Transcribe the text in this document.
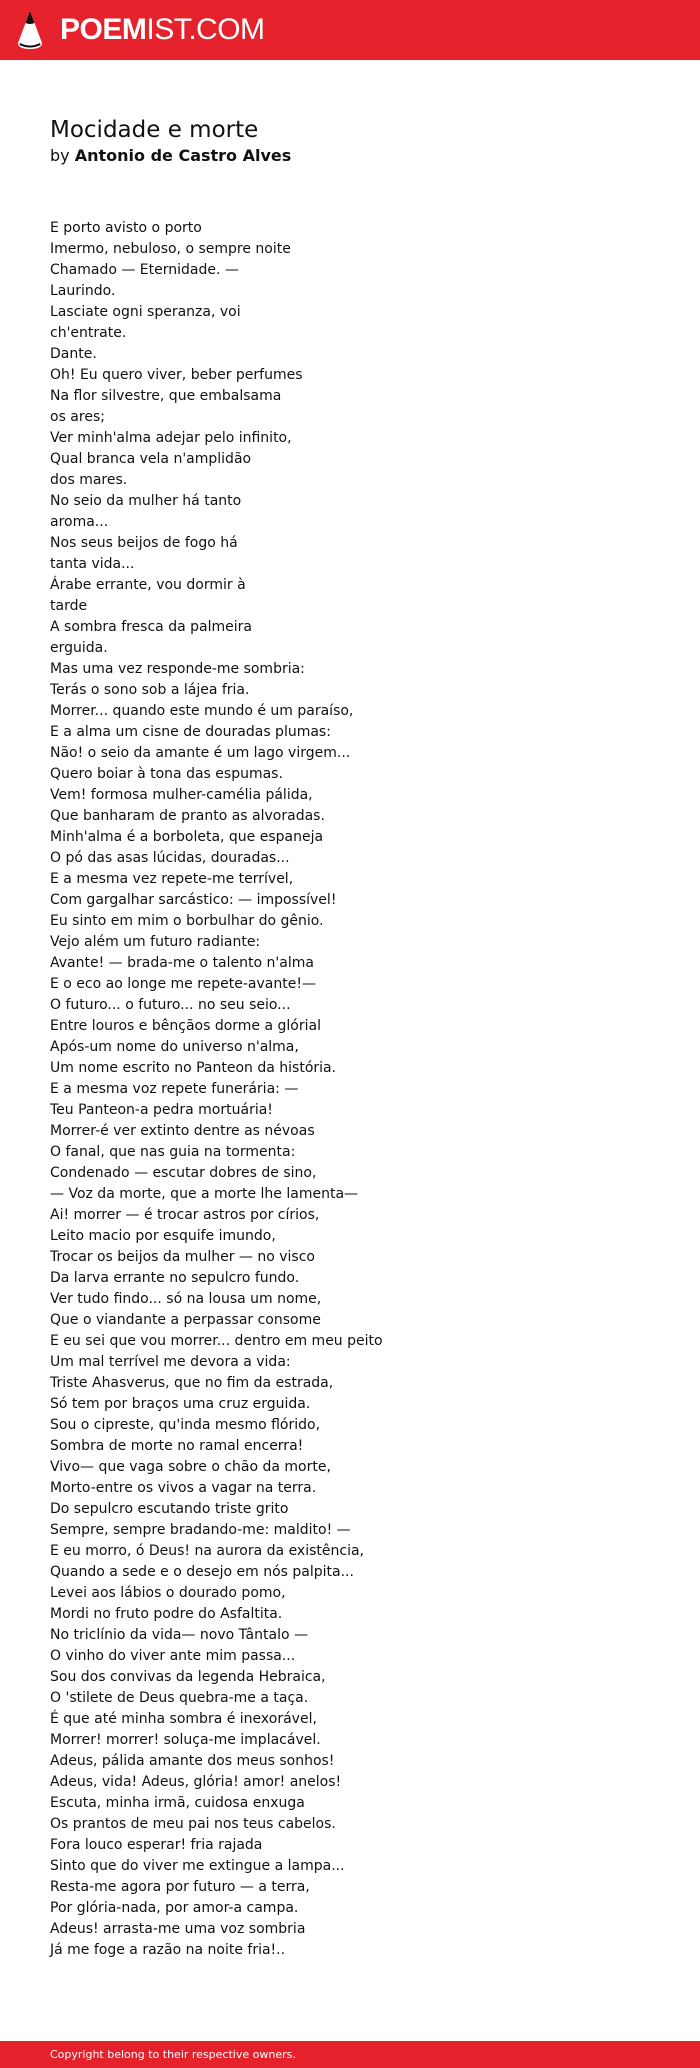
POEMIST.COM
Mocidade e morte

by Antonio de Castro Alves

E porto avisto o porto
Imermo, nebuloso, o sempre noite
Chamado — Eternidade. —
Laurindo.
Lasciate ogni speranza, voi
ch'entrate.
Dante.
Oh! Eu quero viver, beber perfumes
Na flor silvestre, que embalsama
os ares;
Ver minh'alma adejar pelo infinito,
Qual branca vela n'amplidão
dos mares.
No seio da mulher há tanto
aroma...
Nos seus beijos de fogo há
tanta vida...
Árabe errante, vou dormir à
tarde
A sombra fresca da palmeira
erguida.
Mas uma vez responde-me sombria:
Terás o sono sob a lájea fria.
Morrer... quando este mundo é um paraíso,
E a alma um cisne de douradas plumas:
Não! o seio da amante é um lago virgem...
Quero boiar à tona das espumas.
Vem! formosa mulher-camélia pálida,
Que banharam de pranto as alvoradas.
Minh'alma é a borboleta, que espaneja
O pó das asas lúcidas, douradas...
E a mesma vez repete-me terrível,
Com gargalhar sarcástico: — impossível!
Eu sinto em mim o borbulhar do gênio.
Vejo além um futuro radiante:
Avante! — brada-me o talento n'alma
E o eco ao longe me repete-avante!—
O futuro... o futuro... no seu seio...
Entre louros e bênçãos dorme a glórial
Após-um nome do universo n'alma,
Um nome escrito no Panteon da história.
E a mesma voz repete funerária: —
Teu Panteon-a pedra mortuária!
Morrer-é ver extinto dentre as névoas
O fanal, que nas guia na tormenta:
Condenado — escutar dobres de sino,
— Voz da morte, que a morte lhe lamenta—
Ai! morrer — é trocar astros por círios,
Leito macio por esquife imundo,
Trocar os beijos da mulher — no visco
Da larva errante no sepulcro fundo.
Ver tudo findo... só na lousa um nome,
Que o viandante a perpassar consome
E eu sei que vou morrer... dentro em meu peito
Um mal terrível me devora a vida:
Triste Ahasverus, que no fim da estrada,
Só tem por braços uma cruz erguida.
Sou o cipreste, qu'inda mesmo flórido,
Sombra de morte no ramal encerra!
Vivo— que vaga sobre o chão da morte,
Morto-entre os vivos a vagar na terra.
Do sepulcro escutando triste grito
Sempre, sempre bradando-me: maldito! —
E eu morro, ó Deus! na aurora da existência,
Quando a sede e o desejo em nós palpita...
Levei aos lábios o dourado pomo,
Mordi no fruto podre do Asfaltita.
No triclínio da vida— novo Tântalo —
O vinho do viver ante mim passa...
Sou dos convivas da legenda Hebraica,
O 'stilete de Deus quebra-me a taça.
É que até minha sombra é inexorável,
Morrer! morrer! soluça-me implacável.
Adeus, pálida amante dos meus sonhos!
Adeus, vida! Adeus, glória! amor! anelos!
Escuta, minha irmã, cuidosa enxuga
Os prantos de meu pai nos teus cabelos.
Fora louco esperar! fria rajada
Sinto que do viver me extingue a lampa...
Resta-me agora por futuro — a terra,
Por glória-nada, por amor-a campa.
Adeus! arrasta-me uma voz sombria
Já me foge a razão na noite fria!..
Copyright belong to their respective owners.
